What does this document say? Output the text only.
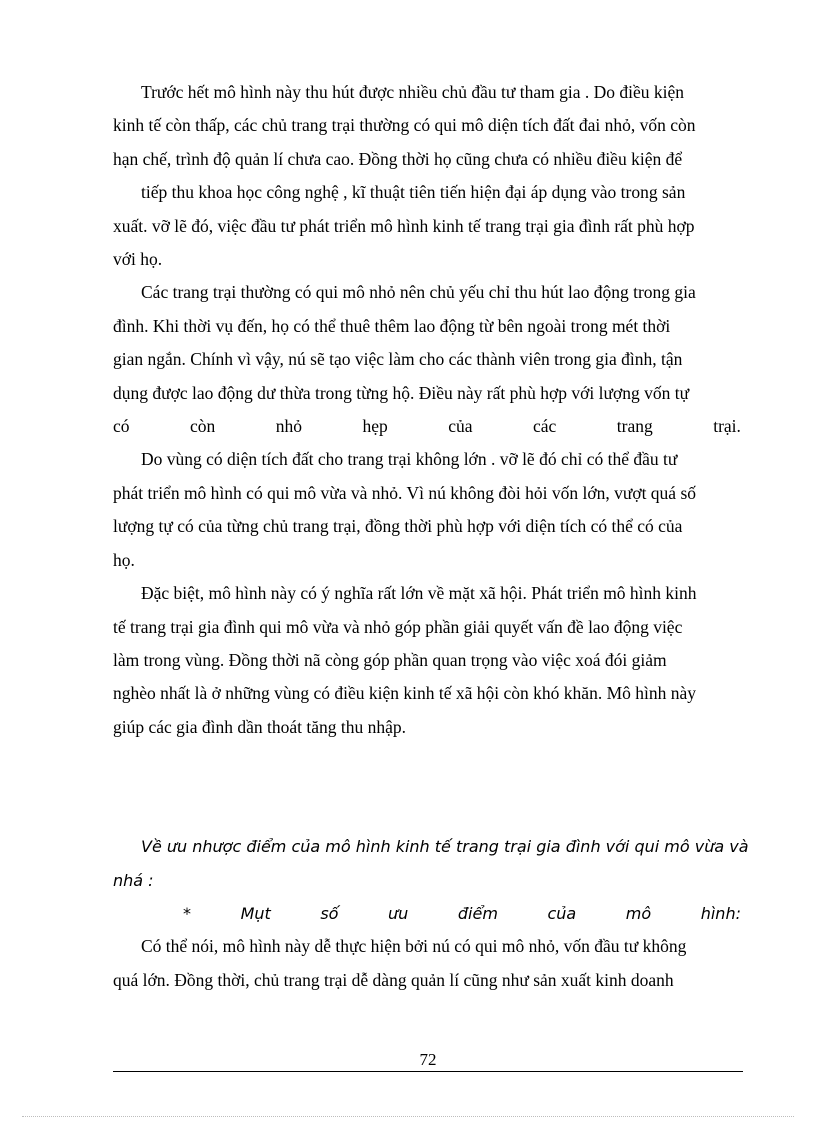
Trước hết mô hình này thu hút được nhiều chủ đầu tư tham gia . Do điều kiện
kinh tế còn thấp, các chủ trang trại thường có qui mô diện tích đất đai nhỏ, vốn còn
hạn chế, trình độ quản lí chưa cao. Đồng thời họ cũng chưa có nhiều điều kiện để
tiếp thu khoa học công nghệ , kĩ thuật tiên tiến hiện đại áp dụng vào trong sản
xuất. vỡ lẽ đó, việc đầu tư phát triển mô hình kinh tế trang trại gia đình rất phù hợp
với họ.
Các trang trại thường có qui mô nhỏ nên chủ yếu chỉ thu hút lao động trong gia
đình. Khi thời vụ đến, họ có thể thuê thêm lao động từ bên ngoài trong mét thời
gian ngắn. Chính vì vậy, nú sẽ tạo việc làm cho các thành viên trong gia đình, tận
dụng được lao động dư thừa trong từng hộ. Điều này rất phù hợp với lượng vốn tự
có	còn	nhỏ	hẹp	của	các	trang	trại.
Do vùng có diện tích đất cho trang trại không lớn . vỡ lẽ đó chỉ có thể đầu tư
phát triển mô hình có qui mô vừa và nhỏ. Vì nú không đòi hỏi vốn lớn, vượt quá số
lượng tự có của từng chủ trang trại, đồng thời phù hợp với diện tích có thể có của
họ.
Đặc biệt, mô hình này có ý nghĩa rất lớn về mặt xã hội. Phát triển mô hình kinh
tế trang trại gia đình qui mô vừa và nhỏ góp phần giải quyết vấn đề lao động việc
làm trong vùng. Đồng thời nã còng góp phần quan trọng vào việc xoá đói giảm
nghèo nhất là ở những vùng có điều kiện kinh tế xã hội còn khó khăn. Mô hình này
giúp các gia đình dần thoát tăng thu nhập.
Về ưu nhược điểm của mô hình kinh tế trang trại gia đình với qui mô vừa và
nhá :
*	Mụt	số	ưu	điểm	của	mô	hình:
Có thể nói, mô hình này dễ thực hiện bởi nú có qui mô nhỏ, vốn đầu tư không
quá lớn. Đồng thời, chủ trang trại dễ dàng quản lí cũng như sản xuất kinh doanh
72
